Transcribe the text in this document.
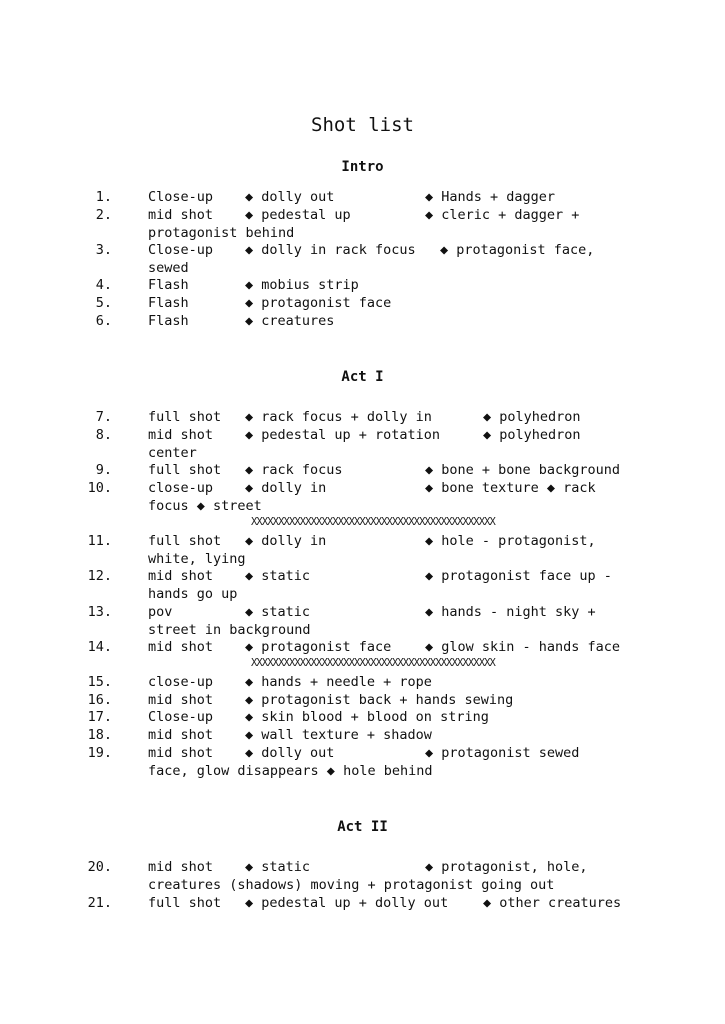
Shot list
Intro
Act I
Act II
XXXXXXXXXXXXXXXXXXXXXXXXXXXXXXXXXXXXXXXXXXXXX
XXXXXXXXXXXXXXXXXXXXXXXXXXXXXXXXXXXXXXXXXXXXX
1.	Close-up ◆ dolly out	◆ Hands + dagger
2.	mid shot ◆ pedestal up	◆ cleric + dagger +
protagonist behind
3.	Close-up ◆ dolly in rack focus ◆ protagonist face,
sewed
4.	Flash	◆ mobius strip
5.	Flash	◆ protagonist face
6.	Flash	◆ creatures
7.	full shot ◆ rack focus + dolly in	◆ polyhedron
8.	mid shot ◆ pedestal up + rotation	◆ polyhedron
center
9.	full shot ◆ rack focus	◆ bone + bone background
10.	close-up ◆ dolly in	◆ bone texture ◆ rack
focus ◆ street
11.	full shot ◆ dolly in	◆ hole - protagonist,
white, lying
12.	mid shot ◆ static	◆ protagonist face up -
hands go up
13.	pov	◆ static	◆ hands - night sky +
street in background
14.	mid shot ◆ protagonist face ◆ glow skin - hands face
15.	close-up ◆ hands + needle + rope
16.	mid shot ◆ protagonist back + hands sewing
17.	Close-up ◆ skin blood + blood on string
18.	mid shot ◆ wall texture + shadow
19.	mid shot ◆ dolly out	◆ protagonist sewed
face, glow disappears ◆ hole behind
20.	mid shot ◆ static	◆ protagonist, hole,
creatures (shadows) moving + protagonist going out
21.	full shot ◆ pedestal up + dolly out	◆ other creatures
